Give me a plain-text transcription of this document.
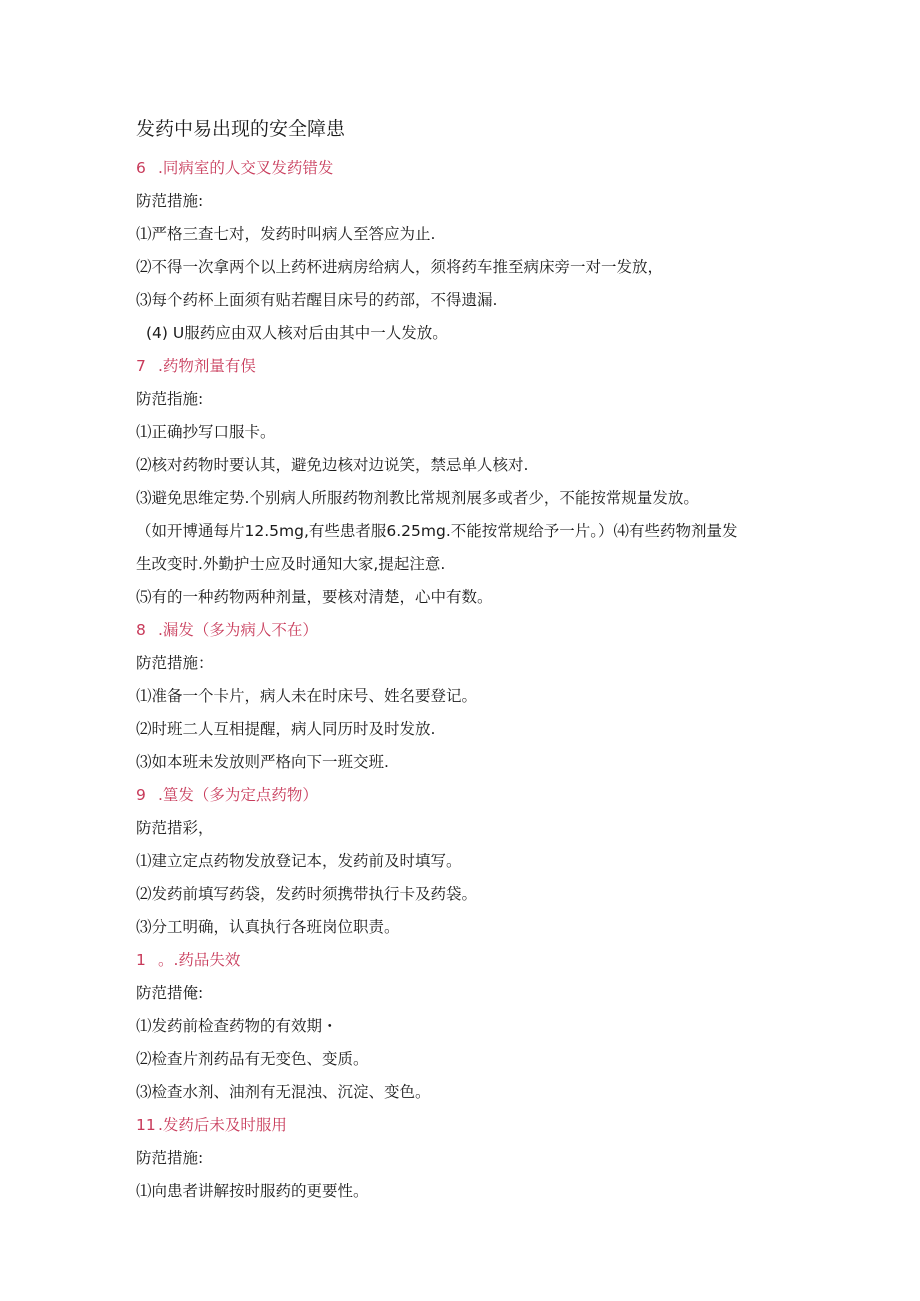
发药中易出现的安全障患
6 .同病室的人交叉发药错发
防范措施:
⑴严格三查七对，发药时叫病人至答应为止.
⑵不得一次拿两个以上药杯进病房给病人，须将药车推至病床旁一对一发放，
⑶每个药杯上面须有贴若醒目床号的药部，不得遗漏.
(4) U服药应由双人核对后由其中一人发放。
7 .药物剂量有俣
防范指施:
⑴正确抄写口服卡。
⑵核对药物时要认其，避免边核对边说笑，禁忌单人核对.
⑶避免思维定势.个别病人所服药物剂教比常规剂展多或者少，不能按常规量发放。
（如开博通每片12.5mg,有些患者服6.25mg.不能按常规给予一片。）⑷有些药物剂量发
生改变时.外勤护士应及时通知大家,提起注意.
⑸有的一种药物两种剂量，要核对清楚，心中有数。
8 .漏发（多为病人不在）
防范措施：
⑴准备一个卡片，病人未在时床号、姓名要登记。
⑵时班二人互相提醒，病人同历时及时发放.
⑶如本班未发放则严格向下一班交班.
9 .篁发（多为定点药物）
防范措彩，
⑴建立定点药物发放登记本，发药前及时填写。
⑵发药前填写药袋，发药时须携带执行卡及药袋。
⑶分工明确，认真执行各班岗位职责。
1 。.药品失效
防范措俺:
⑴发药前检查药物的有效期・
⑵检查片剂药品有无变色、变质。
⑶检查水剂、油剂有无混浊、沉淀、变色。
11 .发药后未及时服用
防范措施:
⑴向患者讲解按时服药的更要性。
